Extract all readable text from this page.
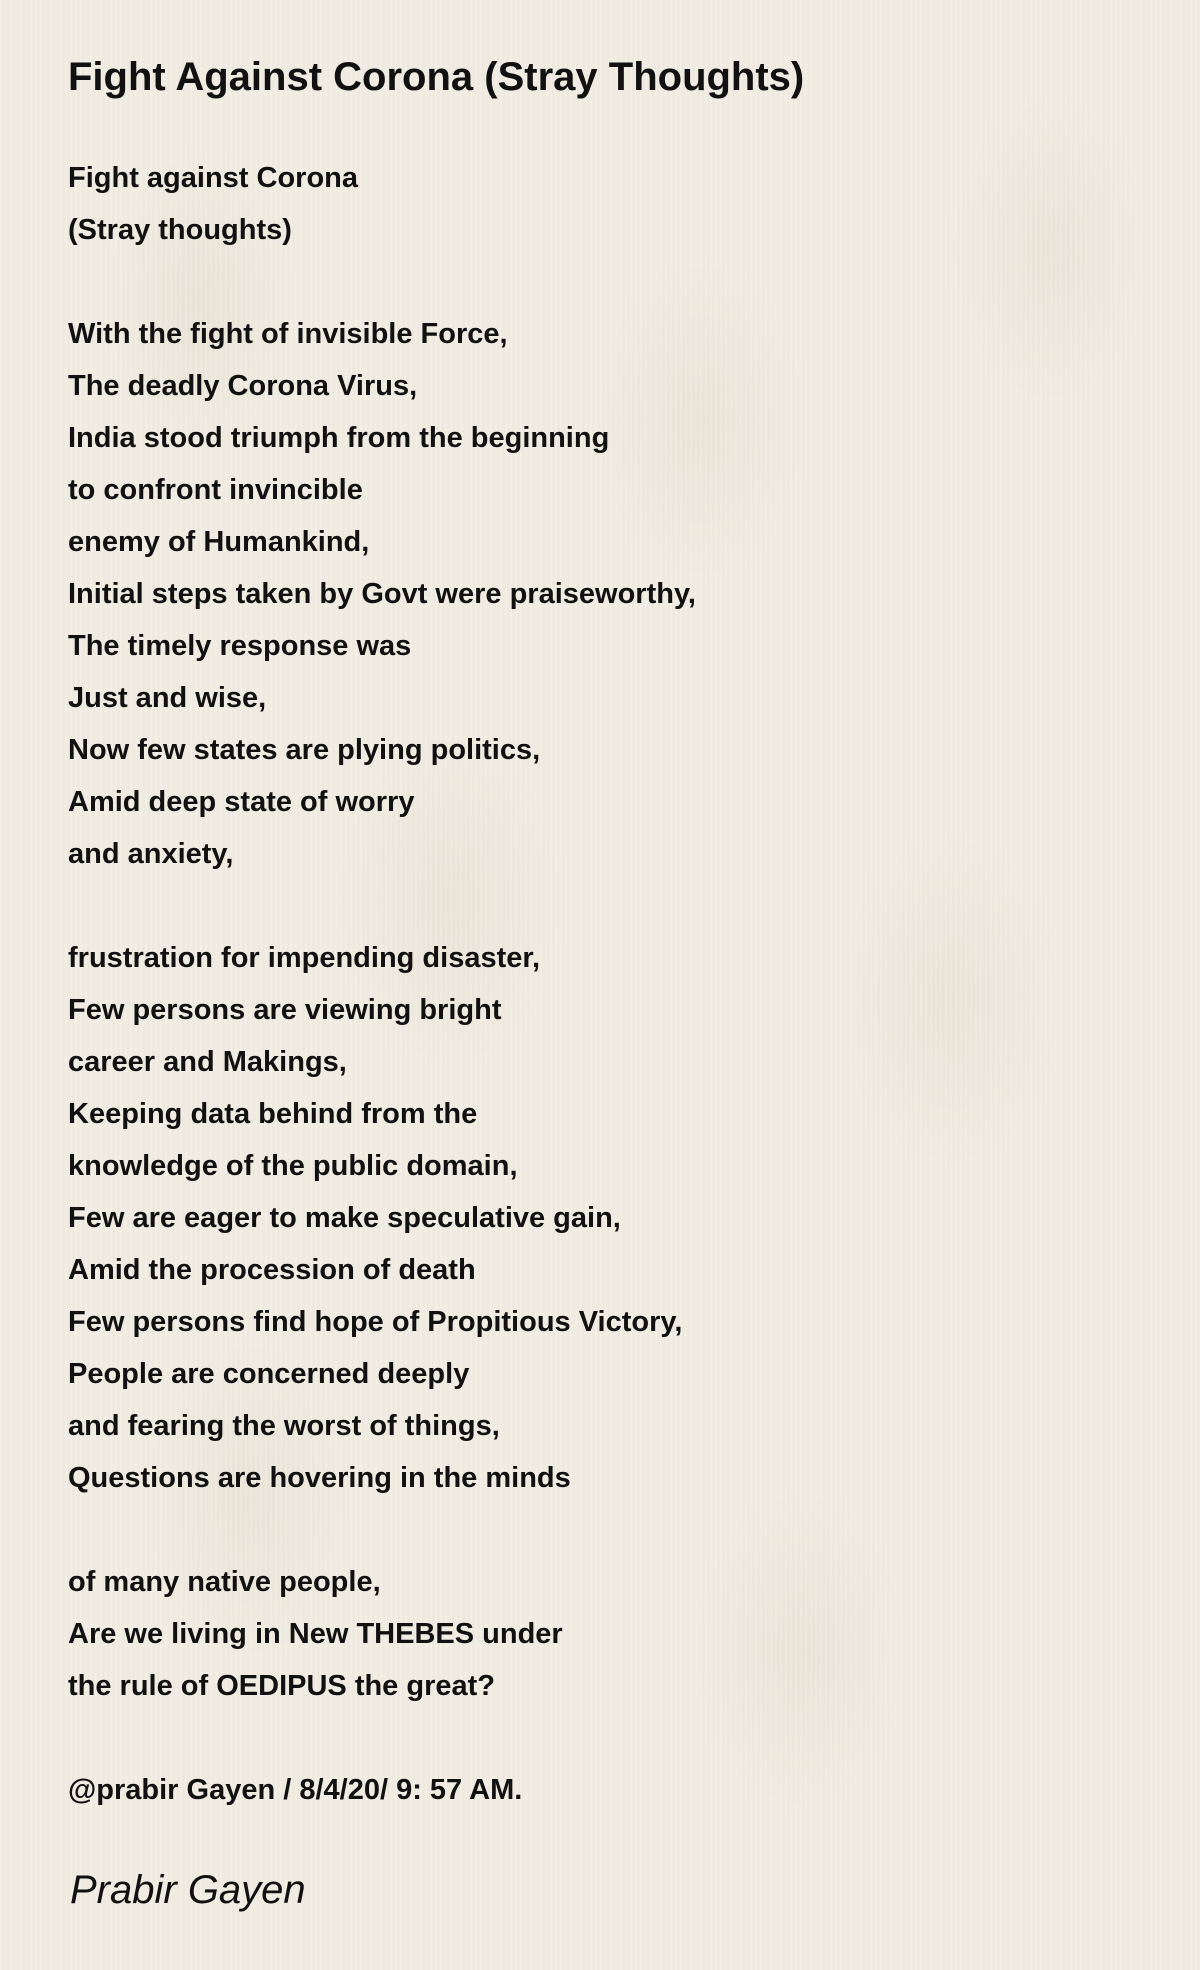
Fight Against Corona (Stray Thoughts)
Fight against Corona
(Stray thoughts)
With the fight of invisible Force,
The deadly Corona Virus,
India stood triumph from the beginning
to confront invincible
enemy of Humankind,
Initial steps taken by Govt were praiseworthy,
The timely response was
Just and wise,
Now few states are plying politics,
Amid deep state of worry
and anxiety,
frustration for impending disaster,
Few persons are viewing bright
career and Makings,
Keeping data behind from the
knowledge of the public domain,
Few are eager to make speculative gain,
Amid the procession of death
Few persons find hope of Propitious Victory,
People are concerned deeply
and fearing the worst of things,
Questions are hovering in the minds
of many native people,
Are we living in New THEBES under
the rule of OEDIPUS the great?
@prabir Gayen / 8/4/20/ 9: 57 AM.
Prabir Gayen
